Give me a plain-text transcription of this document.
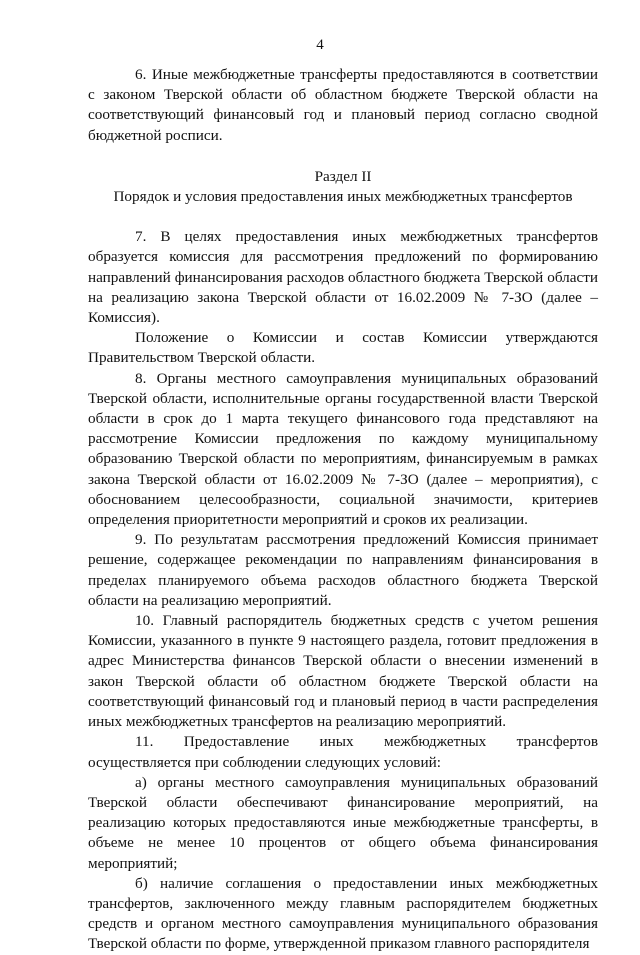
4

6. Иные межбюджетные трансферты предоставляются в соответствии с законом Тверской области об областном бюджете Тверской области на соответствующий финансовый год и плановый период согласно сводной бюджетной росписи.

Раздел II

Порядок и условия предоставления иных межбюджетных трансфертов

7. В целях предоставления иных межбюджетных трансфертов образуется комиссия для рассмотрения предложений по формированию направлений финансирования расходов областного бюджета Тверской области на реализацию закона Тверской области от 16.02.2009 № 7-ЗО (далее – Комиссия).

Положение о Комиссии и состав Комиссии утверждаются Правительством Тверской области.

8. Органы местного самоуправления муниципальных образований Тверской области, исполнительные органы государственной власти Тверской области в срок до 1 марта текущего финансового года представляют на рассмотрение Комиссии предложения по каждому муниципальному образованию Тверской области по мероприятиям, финансируемым в рамках закона Тверской области от 16.02.2009 № 7-ЗО (далее – мероприятия), с обоснованием целесообразности, социальной значимости, критериев определения приоритетности мероприятий и сроков их реализации.

9. По результатам рассмотрения предложений Комиссия принимает решение, содержащее рекомендации по направлениям финансирования в пределах планируемого объема расходов областного бюджета Тверской области на реализацию мероприятий.

10. Главный распорядитель бюджетных средств с учетом решения Комиссии, указанного в пункте 9 настоящего раздела, готовит предложения в адрес Министерства финансов Тверской области о внесении изменений в закон Тверской области об областном бюджете Тверской области на соответствующий финансовый год и плановый период в части распределения иных межбюджетных трансфертов на реализацию мероприятий.

11. Предоставление иных межбюджетных трансфертов осуществляется при соблюдении следующих условий:

а) органы местного самоуправления муниципальных образований Тверской области обеспечивают финансирование мероприятий, на реализацию которых предоставляются иные межбюджетные трансферты, в объеме не менее 10 процентов от общего объема финансирования мероприятий;

б) наличие соглашения о предоставлении иных межбюджетных трансфертов, заключенного между главным распорядителем бюджетных средств и органом местного самоуправления муниципального образования Тверской области по форме, утвержденной приказом главного распорядителя
